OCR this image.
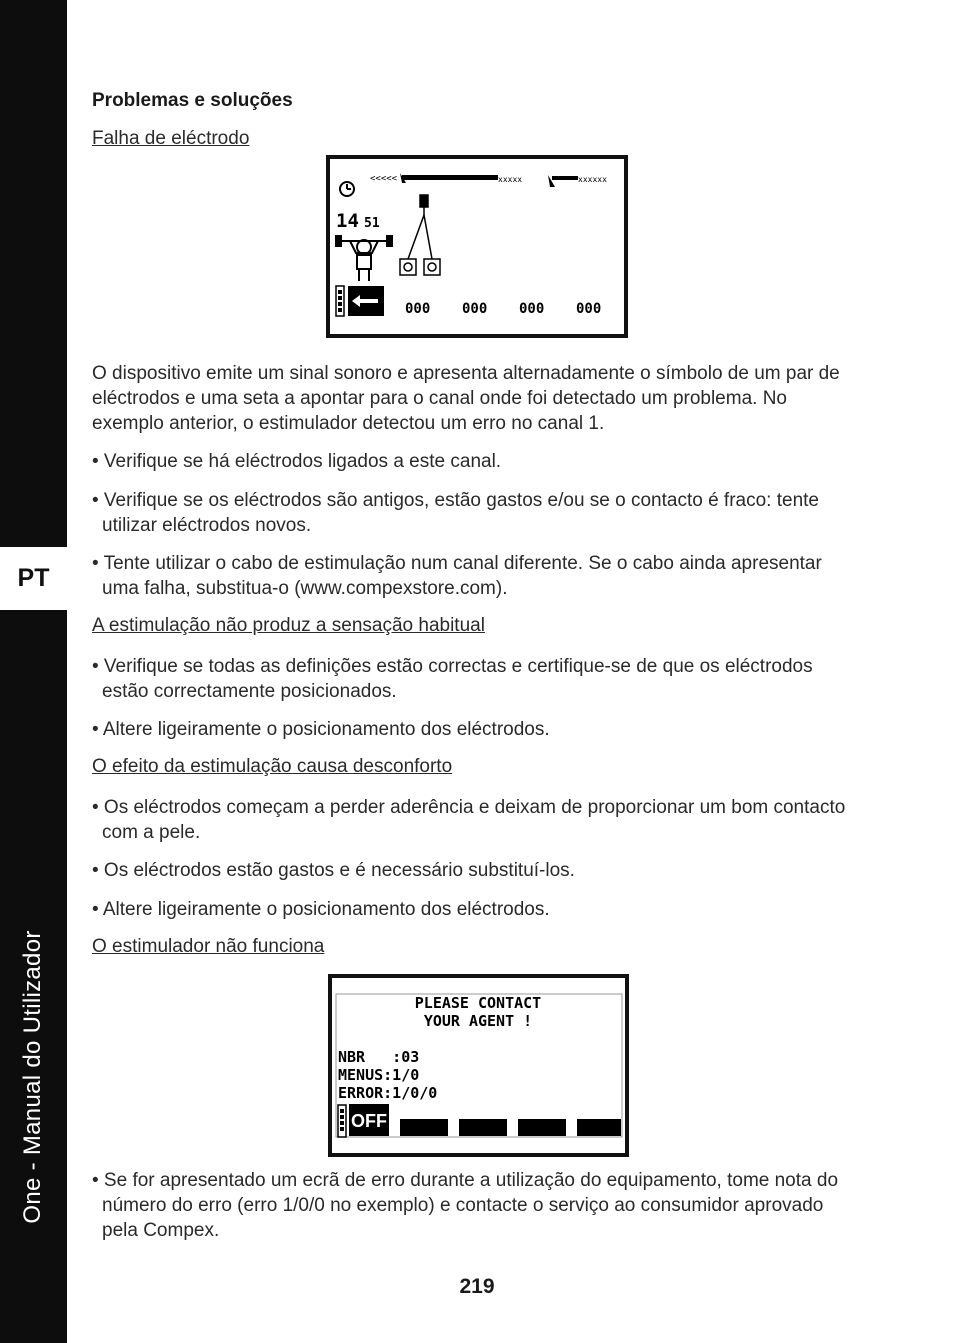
PT
One - Manual do Utilizador
Problemas e soluções
Falha de eléctrodo
<<<<<	xxxxx	xxxxxx
14 51
000 000 000 000

O dispositivo emite um sinal sonoro e apresenta alternadamente o símbolo de um par de eléctrodos e uma seta a apontar para o canal onde foi detectado um problema. No exemplo anterior, o estimulador detectou um erro no canal 1.

• Verifique se há eléctrodos ligados a este canal.

• Verifique se os eléctrodos são antigos, estão gastos e/ou se o contacto é fraco: tente utilizar eléctrodos novos.

• Tente utilizar o cabo de estimulação num canal diferente. Se o cabo ainda apresentar uma falha, substitua-o (www.compexstore.com).

A estimulação não produz a sensação habitual

• Verifique se todas as definições estão correctas e certifique-se de que os eléctrodos estão correctamente posicionados.

• Altere ligeiramente o posicionamento dos eléctrodos.

O efeito da estimulação causa desconforto

• Os eléctrodos começam a perder aderência e deixam de proporcionar um bom contacto com a pele.

• Os eléctrodos estão gastos e é necessário substituí-los.

• Altere ligeiramente o posicionamento dos eléctrodos.

O estimulador não funciona
PLEASE CONTACT
YOUR AGENT !
NBR   :03
MENUS:1/0
ERROR:1/0/0
OFF

• Se for apresentado um ecrã de erro durante a utilização do equipamento, tome nota do número do erro (erro 1/0/0 no exemplo) e contacte o serviço ao consumidor aprovado pela Compex.

219
